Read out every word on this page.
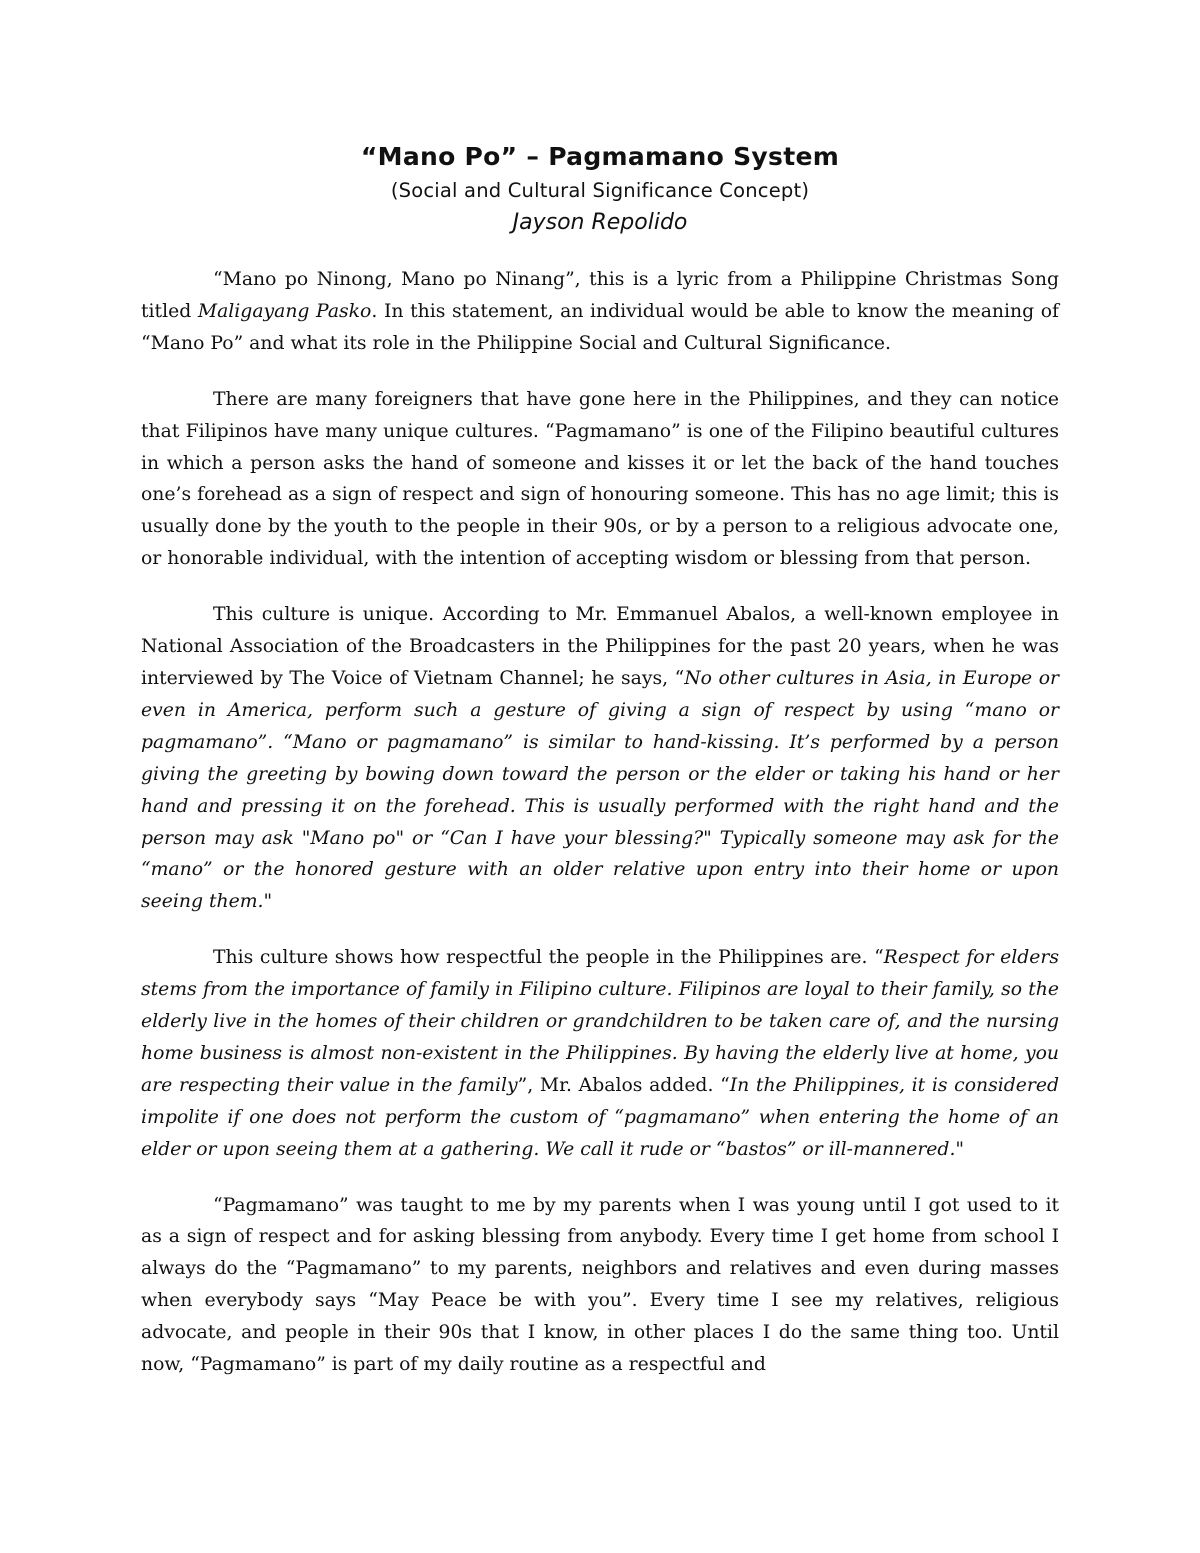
“Mano Po” – Pagmamano System

(Social and Cultural Significance Concept)

Jayson Repolido

“Mano po Ninong, Mano po Ninang”, this is a lyric from a Philippine Christmas Song titled Maligayang Pasko. In this statement, an individual would be able to know the meaning of “Mano Po” and what its role in the Philippine Social and Cultural Significance.

There are many foreigners that have gone here in the Philippines, and they can notice that Filipinos have many unique cultures. “Pagmamano” is one of the Filipino beautiful cultures in which a person asks the hand of someone and kisses it or let the back of the hand touches one’s forehead as a sign of respect and sign of honouring someone. This has no age limit; this is usually done by the youth to the people in their 90s, or by a person to a religious advocate one, or honorable individual, with the intention of accepting wisdom or blessing from that person.

This culture is unique. According to Mr. Emmanuel Abalos, a well-known employee in National Association of the Broadcasters in the Philippines for the past 20 years, when he was interviewed by The Voice of Vietnam Channel; he says, “No other cultures in Asia, in Europe or even in America, perform such a gesture of giving a sign of respect by using “mano or pagmamano”. “Mano or pagmamano” is similar to hand-kissing. It’s performed by a person giving the greeting by bowing down toward the person or the elder or taking his hand or her hand and pressing it on the forehead. This is usually performed with the right hand and the person may ask "Mano po" or “Can I have your blessing?" Typically someone may ask for the “mano” or the honored gesture with an older relative upon entry into their home or upon seeing them."

This culture shows how respectful the people in the Philippines are. “Respect for elders stems from the importance of family in Filipino culture. Filipinos are loyal to their family, so the elderly live in the homes of their children or grandchildren to be taken care of, and the nursing home business is almost non-existent in the Philippines. By having the elderly live at home, you are respecting their value in the family”, Mr. Abalos added. “In the Philippines, it is considered impolite if one does not perform the custom of “pagmamano” when entering the home of an elder or upon seeing them at a gathering. We call it rude or “bastos” or ill-mannered."

“Pagmamano” was taught to me by my parents when I was young until I got used to it as a sign of respect and for asking blessing from anybody. Every time I get home from school I always do the “Pagmamano” to my parents, neighbors and relatives and even during masses when everybody says “May Peace be with you”. Every time I see my relatives, religious advocate, and people in their 90s that I know, in other places I do the same thing too. Until now, “Pagmamano” is part of my daily routine as a respectful and
